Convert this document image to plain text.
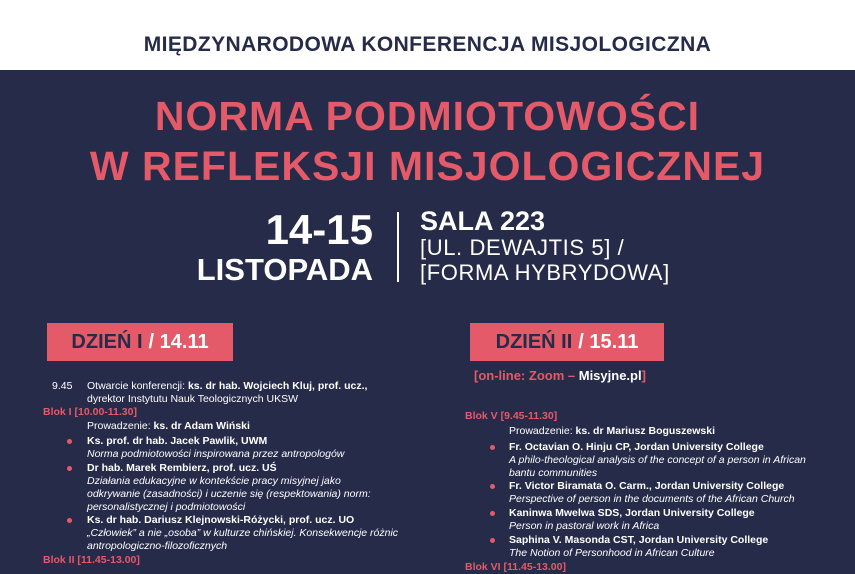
MIĘDZYNARODOWA KONFERENCJA MISJOLOGICZNA
NORMA PODMIOTOWOŚCI
W REFLEKSJI MISJOLOGICZNEJ
14-15
LISTOPADA
SALA 223
[UL. DEWAJTIS 5] /
[FORMA HYBRYDOWA]
DZIEŃ I / 14.11
9.45 Otwarcie konferencji: ks. dr hab. Wojciech Kluj, prof. ucz.,
dyrektor Instytutu Nauk Teologicznych UKSW
Blok I [10.00-11.30]
Prowadzenie: ks. dr Adam Wiński
Ks. prof. dr hab. Jacek Pawlik, UWM
Norma podmiotowości inspirowana przez antropologów
Dr hab. Marek Rembierz, prof. ucz. UŚ
Działania edukacyjne w kontekście pracy misyjnej jako odkrywanie (zasadności) i uczenie się (respektowania) norm: personalistycznej i podmiotowości
Ks. dr hab. Dariusz Klejnowski-Różycki, prof. ucz. UO
„Człowiek” a nie „osoba” w kulturze chińskiej. Konsekwencje różnic antropologiczno-filozoficznych
Blok II [11.45-13.00]
DZIEŃ II / 15.11
[on-line: Zoom – Misyjne.pl]
Blok V [9.45-11.30]
Prowadzenie: ks. dr Mariusz Boguszewski
Fr. Octavian O. Hinju CP, Jordan University College
A philo-theological analysis of the concept of a person in African bantu communities
Fr. Victor Biramata O. Carm., Jordan University College
Perspective of person in the documents of the African Church
Kaninwa Mwelwa SDS, Jordan University College
Person in pastoral work in Africa
Saphina V. Masonda CST, Jordan University College
The Notion of Personhood in African Culture
Blok VI [11.45-13.00]
